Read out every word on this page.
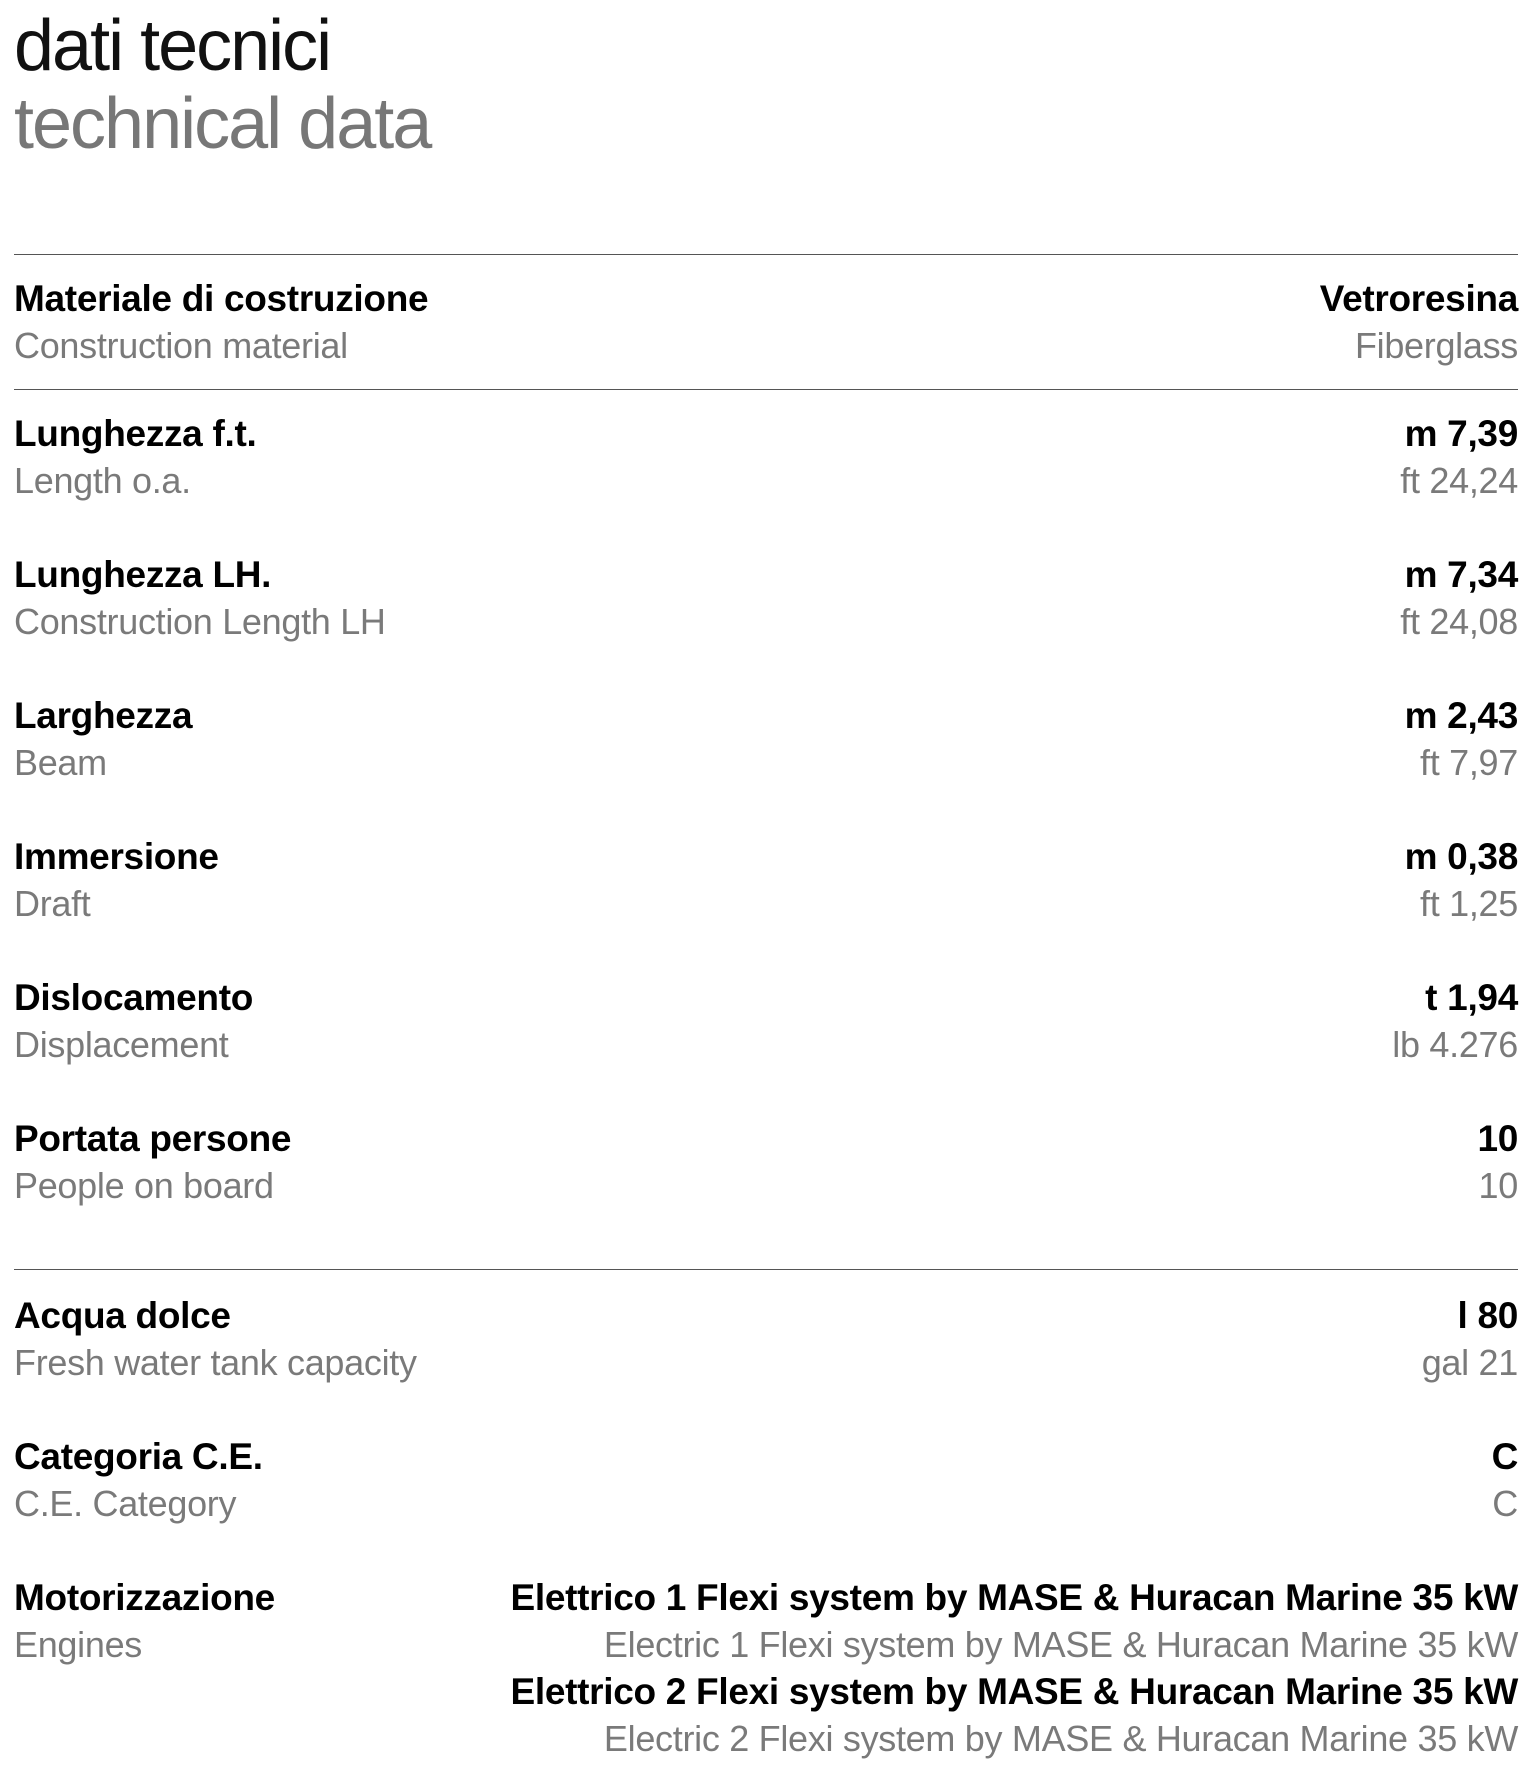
dati tecnici
technical data
Materiale di costruzione
Construction material
Vetroresina
Fiberglass
Lunghezza f.t.
Length o.a.
m 7,39
ft 24,24
Lunghezza LH.
Construction Length LH
m 7,34
ft 24,08
Larghezza
Beam
m 2,43
ft 7,97
Immersione
Draft
m 0,38
ft 1,25
Dislocamento
Displacement
t 1,94
lb 4.276
Portata persone
People on board
10
10
Acqua dolce
Fresh water tank capacity
l 80
gal 21
Categoria C.E.
C.E. Category
C
C
Motorizzazione
Engines
Elettrico 1 Flexi system by MASE & Huracan Marine 35 kW
Electric 1 Flexi system by MASE & Huracan Marine 35 kW
Elettrico 2 Flexi system by MASE & Huracan Marine 35 kW
Electric 2 Flexi system by MASE & Huracan Marine 35 kW
